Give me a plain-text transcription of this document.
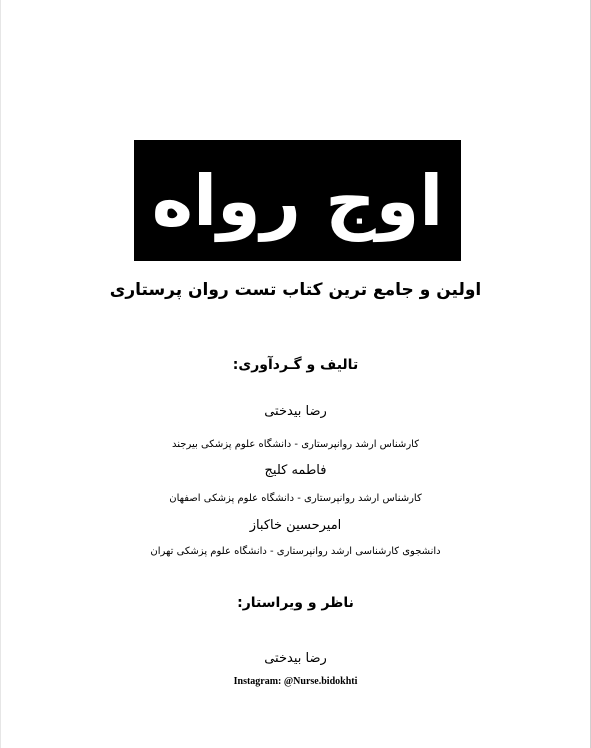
اوج رواه
اولین و جامع ترین کتاب تست روان پرستاری
تالیف و گـردآوری:
رضا بیدختی
کارشناس ارشد روانپرستاری - دانشگاه علوم پزشکی بیرجند
فاطمه کلیج
کارشناس ارشد روانپرستاری - دانشگاه علوم پزشکی اصفهان
امیرحسین خاکباز
دانشجوی کارشناسی ارشد روانپرستاری - دانشگاه علوم پزشکی تهران
ناظر و ویراستار:
رضا بیدختی
Instagram: @Nurse.bidokhti
